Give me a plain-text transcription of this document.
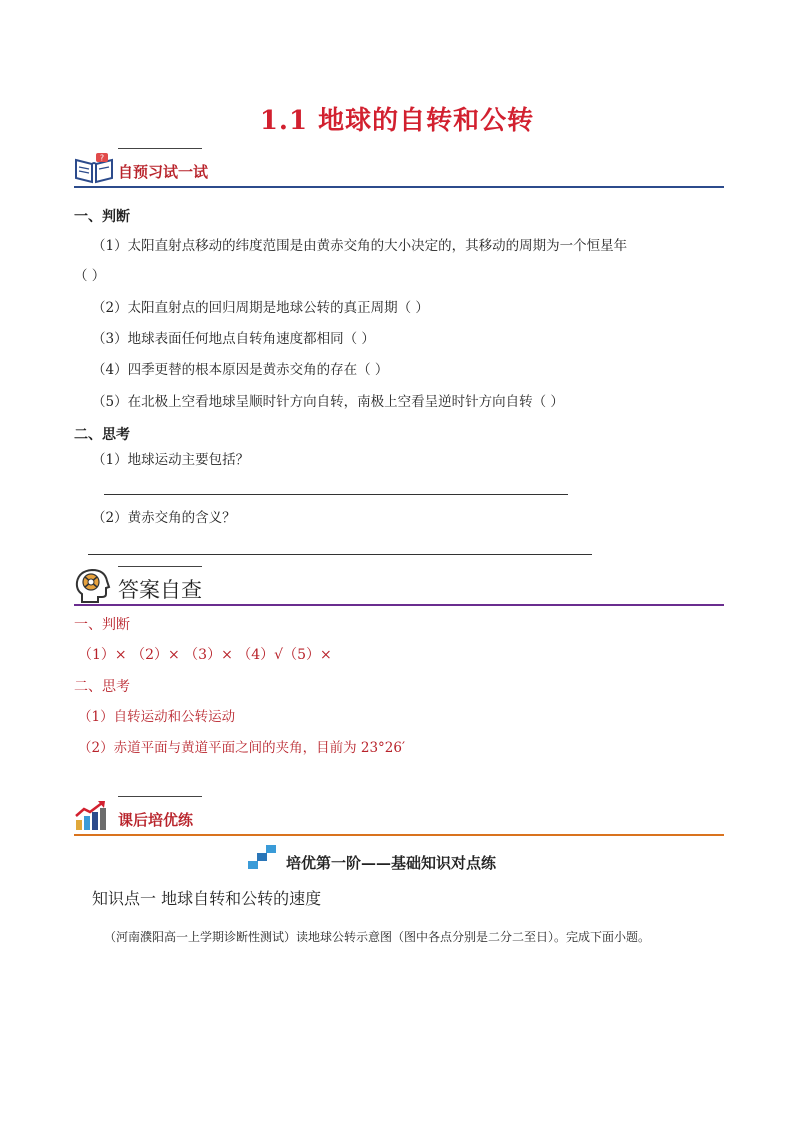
1.1 地球的自转和公转
?
自预习试一试
一、判断
（1）太阳直射点移动的纬度范围是由黄赤交角的大小决定的，其移动的周期为一个恒星年
（ ）
（2）太阳直射点的回归周期是地球公转的真正周期（ ）
（3）地球表面任何地点自转角速度都相同（ ）
（4）四季更替的根本原因是黄赤交角的存在（ ）
（5）在北极上空看地球呈顺时针方向自转，南极上空看呈逆时针方向自转（ ）
二、思考
（1）地球运动主要包括？
（2）黄赤交角的含义？
答案自查
一、判断
（1）× （2）× （3）× （4）√（5）×
二、思考
（1）自转运动和公转运动
（2）赤道平面与黄道平面之间的夹角，目前为 23°26′
课后培优练
培优第一阶——基础知识对点练
知识点一 地球自转和公转的速度
（河南濮阳高一上学期诊断性测试）读地球公转示意图（图中各点分别是二分二至日）。完成下面小题。
